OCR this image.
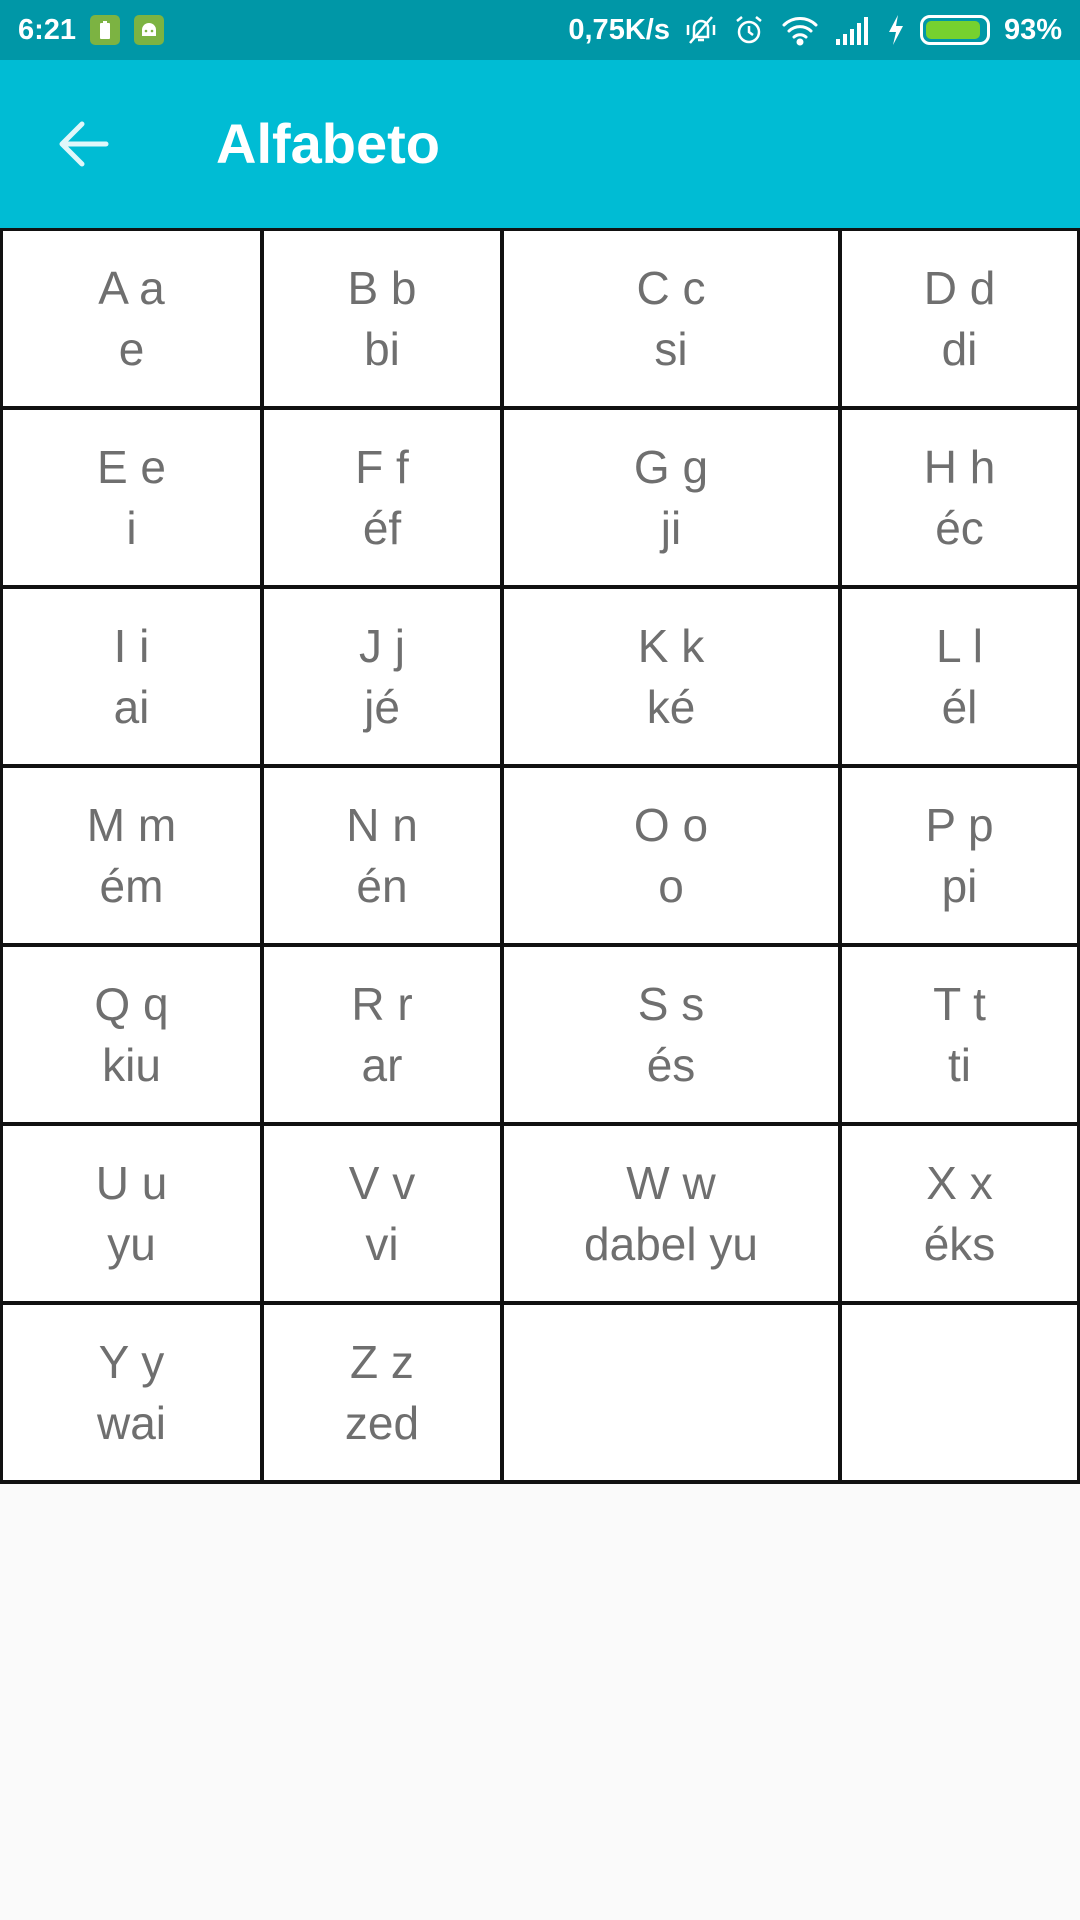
6:21	0,75K/s	93%
Alfabeto
A a
e
B b
bi
C c
si
D d
di
E e
i
F f
éf
G g
ji
H h
éc
I i
ai
J j
jé
K k
ké
L l
él
M m
ém
N n
én
O o
o
P p
pi
Q q
kiu
R r
ar
S s
és
T t
ti
U u
yu
V v
vi
W w
dabel yu
X x
éks
Y y
wai
Z z
zed
